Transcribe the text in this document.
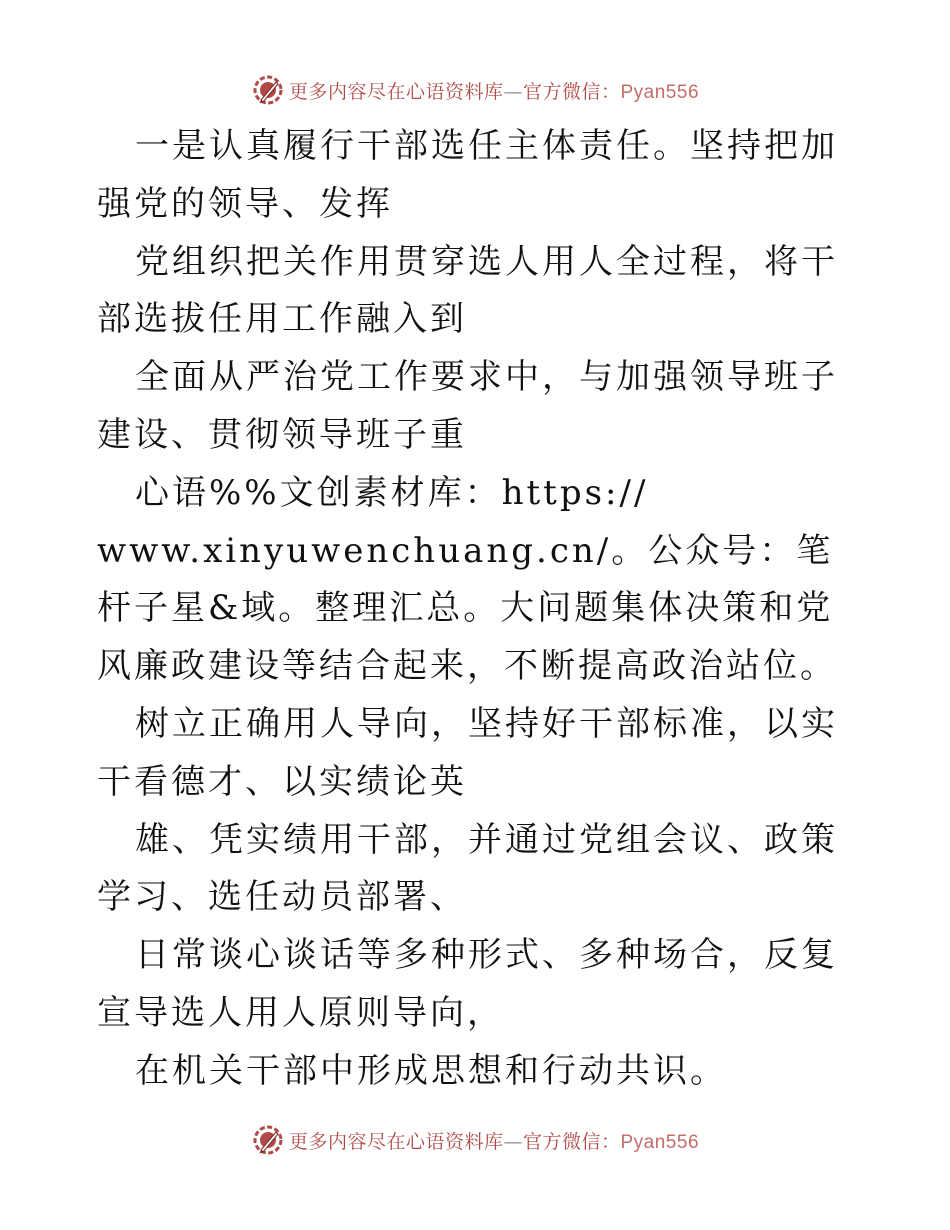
更多内容尽在心语资料库—官方微信：Pyan556

一是认真履行干部选任主体责任。坚持把加强党的领导、发挥

党组织把关作用贯穿选人用人全过程，将干部选拔任用工作融入到

全面从严治党工作要求中，与加强领导班子建设、贯彻领导班子重

心语%%文创素材库：https://
www.xinyuwenchuang.cn/。公众号：笔杆子星&域。整理汇总。大问题集体决策和党风廉政建设等结合起来，不断提高政治站位。

树立正确用人导向，坚持好干部标准，以实干看德才、以实绩论英

雄、凭实绩用干部，并通过党组会议、政策学习、选任动员部署、

日常谈心谈话等多种形式、多种场合，反复宣导选人用人原则导向，

在机关干部中形成思想和行动共识。

更多内容尽在心语资料库—官方微信：Pyan556
